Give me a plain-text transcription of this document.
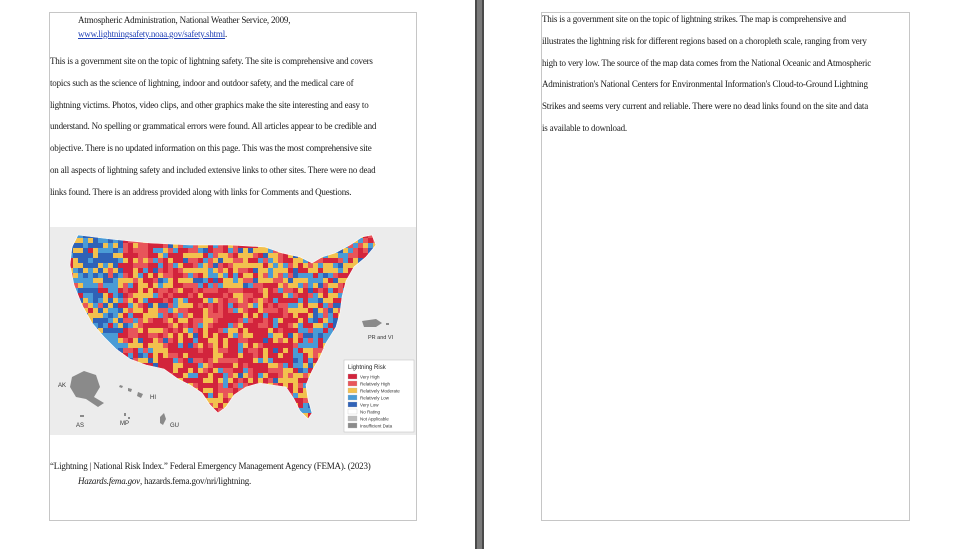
Atmospheric Administration, National Weather Service, 2009,
www.lightningsafety.noaa.gov/safety.shtml.
This is a government site on the topic of lightning safety. The site is comprehensive and covers
topics such as the science of lightning, indoor and outdoor safety, and the medical care of
lightning victims. Photos, video clips, and other graphics make the site interesting and easy to
understand. No spelling or grammatical errors were found. All articles appear to be credible and
objective. There is no updated information on this page. This was the most comprehensive site
on all aspects of lightning safety and included extensive links to other sites. There were no dead
links found. There is an address provided along with links for Comments and Questions.
AK
HI
AS	MP	GU
PR and VI
Lightning Risk
Very High
Relatively High
Relatively Moderate
Relatively Low
Very Low
No Rating
Not Applicable
Insufficient Data
“Lightning | National Risk Index.” Federal Emergency Management Agency (FEMA). (2023)
Hazards.fema.gov, hazards.fema.gov/nri/lightning.
This is a government site on the topic of lightning strikes. The map is comprehensive and
illustrates the lightning risk for different regions based on a choropleth scale, ranging from very
high to very low. The source of the map data comes from the National Oceanic and Atmospheric
Administration's National Centers for Environmental Information's Cloud-to-Ground Lightning
Strikes and seems very current and reliable. There were no dead links found on the site and data
is available to download.
